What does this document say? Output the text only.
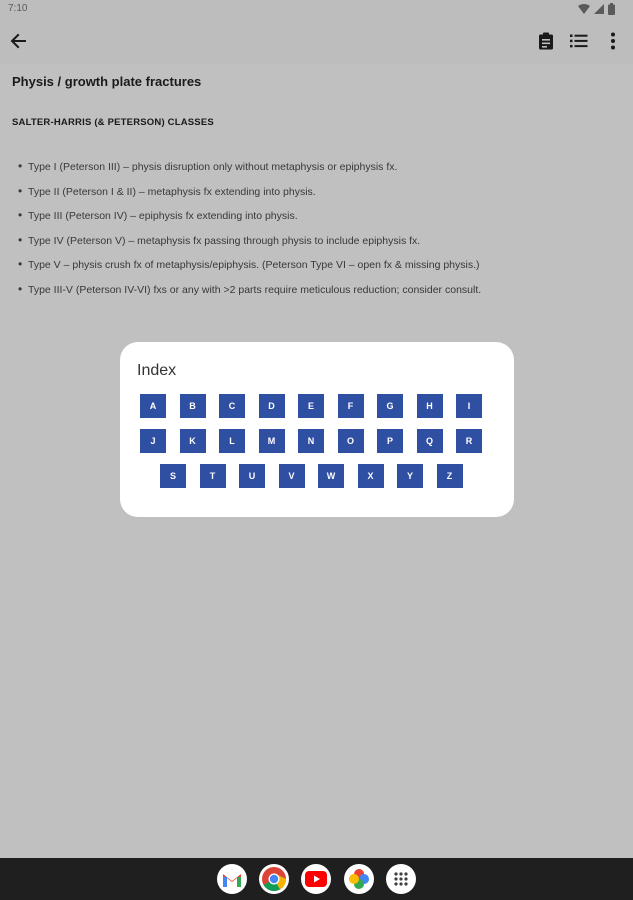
7:10
Physis / growth plate fractures
SALTER-HARRIS (& PETERSON) CLASSES
• Type I (Peterson III) – physis disruption only without metaphysis or epiphysis fx.
• Type II (Peterson I & II) – metaphysis fx extending into physis.
• Type III (Peterson IV) – epiphysis fx extending into physis.
• Type IV (Peterson V) – metaphysis fx passing through physis to include epiphysis fx.
• Type V – physis crush fx of metaphysis/epiphysis. (Peterson Type VI – open fx & missing physis.)
• Type III-V (Peterson IV-VI) fxs or any with >2 parts require meticulous reduction; consider consult.
Index
A	B	C	D	E	F	G	H	I
J	K	L	M	N	O	P	Q	R
S	T	U	V	W	X	Y	Z
